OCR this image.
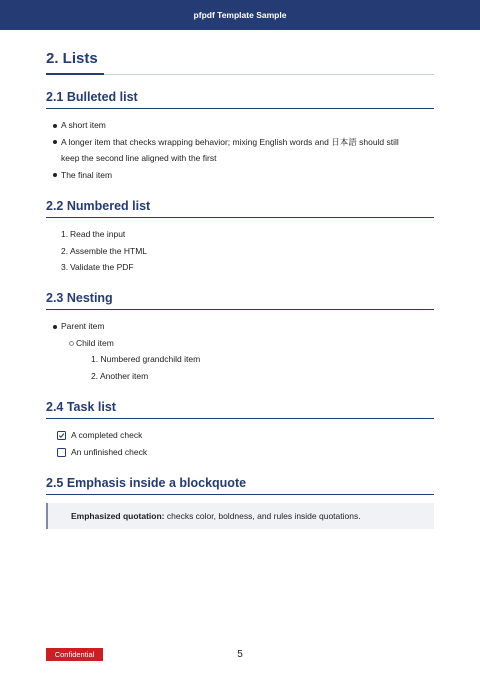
pfpdf Template Sample
2. Lists
2.1 Bulleted list
A short item
A longer item that checks wrapping behavior; mixing English words and 日本語 should still
keep the second line aligned with the first
The final item
2.2 Numbered list
1. Read the input
2. Assemble the HTML
3. Validate the PDF
2.3 Nesting
Parent item
Child item
1. Numbered grandchild item
2. Another item
2.4 Task list
A completed check
An unfinished check
2.5 Emphasis inside a blockquote
Emphasized quotation: checks color, boldness, and rules inside quotations.
Confidential	5
